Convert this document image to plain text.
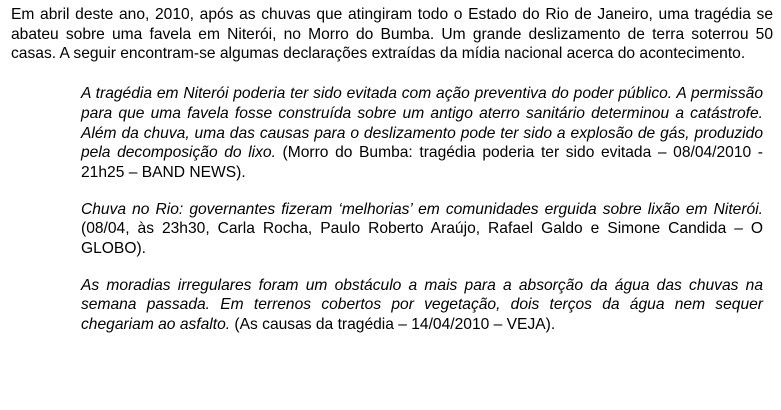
Em abril deste ano, 2010, após as chuvas que atingiram todo o Estado do Rio de Janeiro, uma tragédia se abateu sobre uma favela em Niterói, no Morro do Bumba. Um grande deslizamento de terra soterrou 50 casas. A seguir encontram-se algumas declarações extraídas da mídia nacional acerca do acontecimento.

A tragédia em Niterói poderia ter sido evitada com ação preventiva do poder público. A permissão para que uma favela fosse construída sobre um antigo aterro sanitário determinou a catástrofe. Além da chuva, uma das causas para o deslizamento pode ter sido a explosão de gás, produzido pela decomposição do lixo. (Morro do Bumba: tragédia poderia ter sido evitada – 08/04/2010 - 21h25 – BAND NEWS).

Chuva no Rio: governantes fizeram ‘melhorias’ em comunidades erguida sobre lixão em Niterói. (08/04, às 23h30, Carla Rocha, Paulo Roberto Araújo, Rafael Galdo e Simone Candida – O GLOBO).

As moradias irregulares foram um obstáculo a mais para a absorção da água das chuvas na semana passada. Em terrenos cobertos por vegetação, dois terços da água nem sequer chegariam ao asfalto. (As causas da tragédia – 14/04/2010 – VEJA).
